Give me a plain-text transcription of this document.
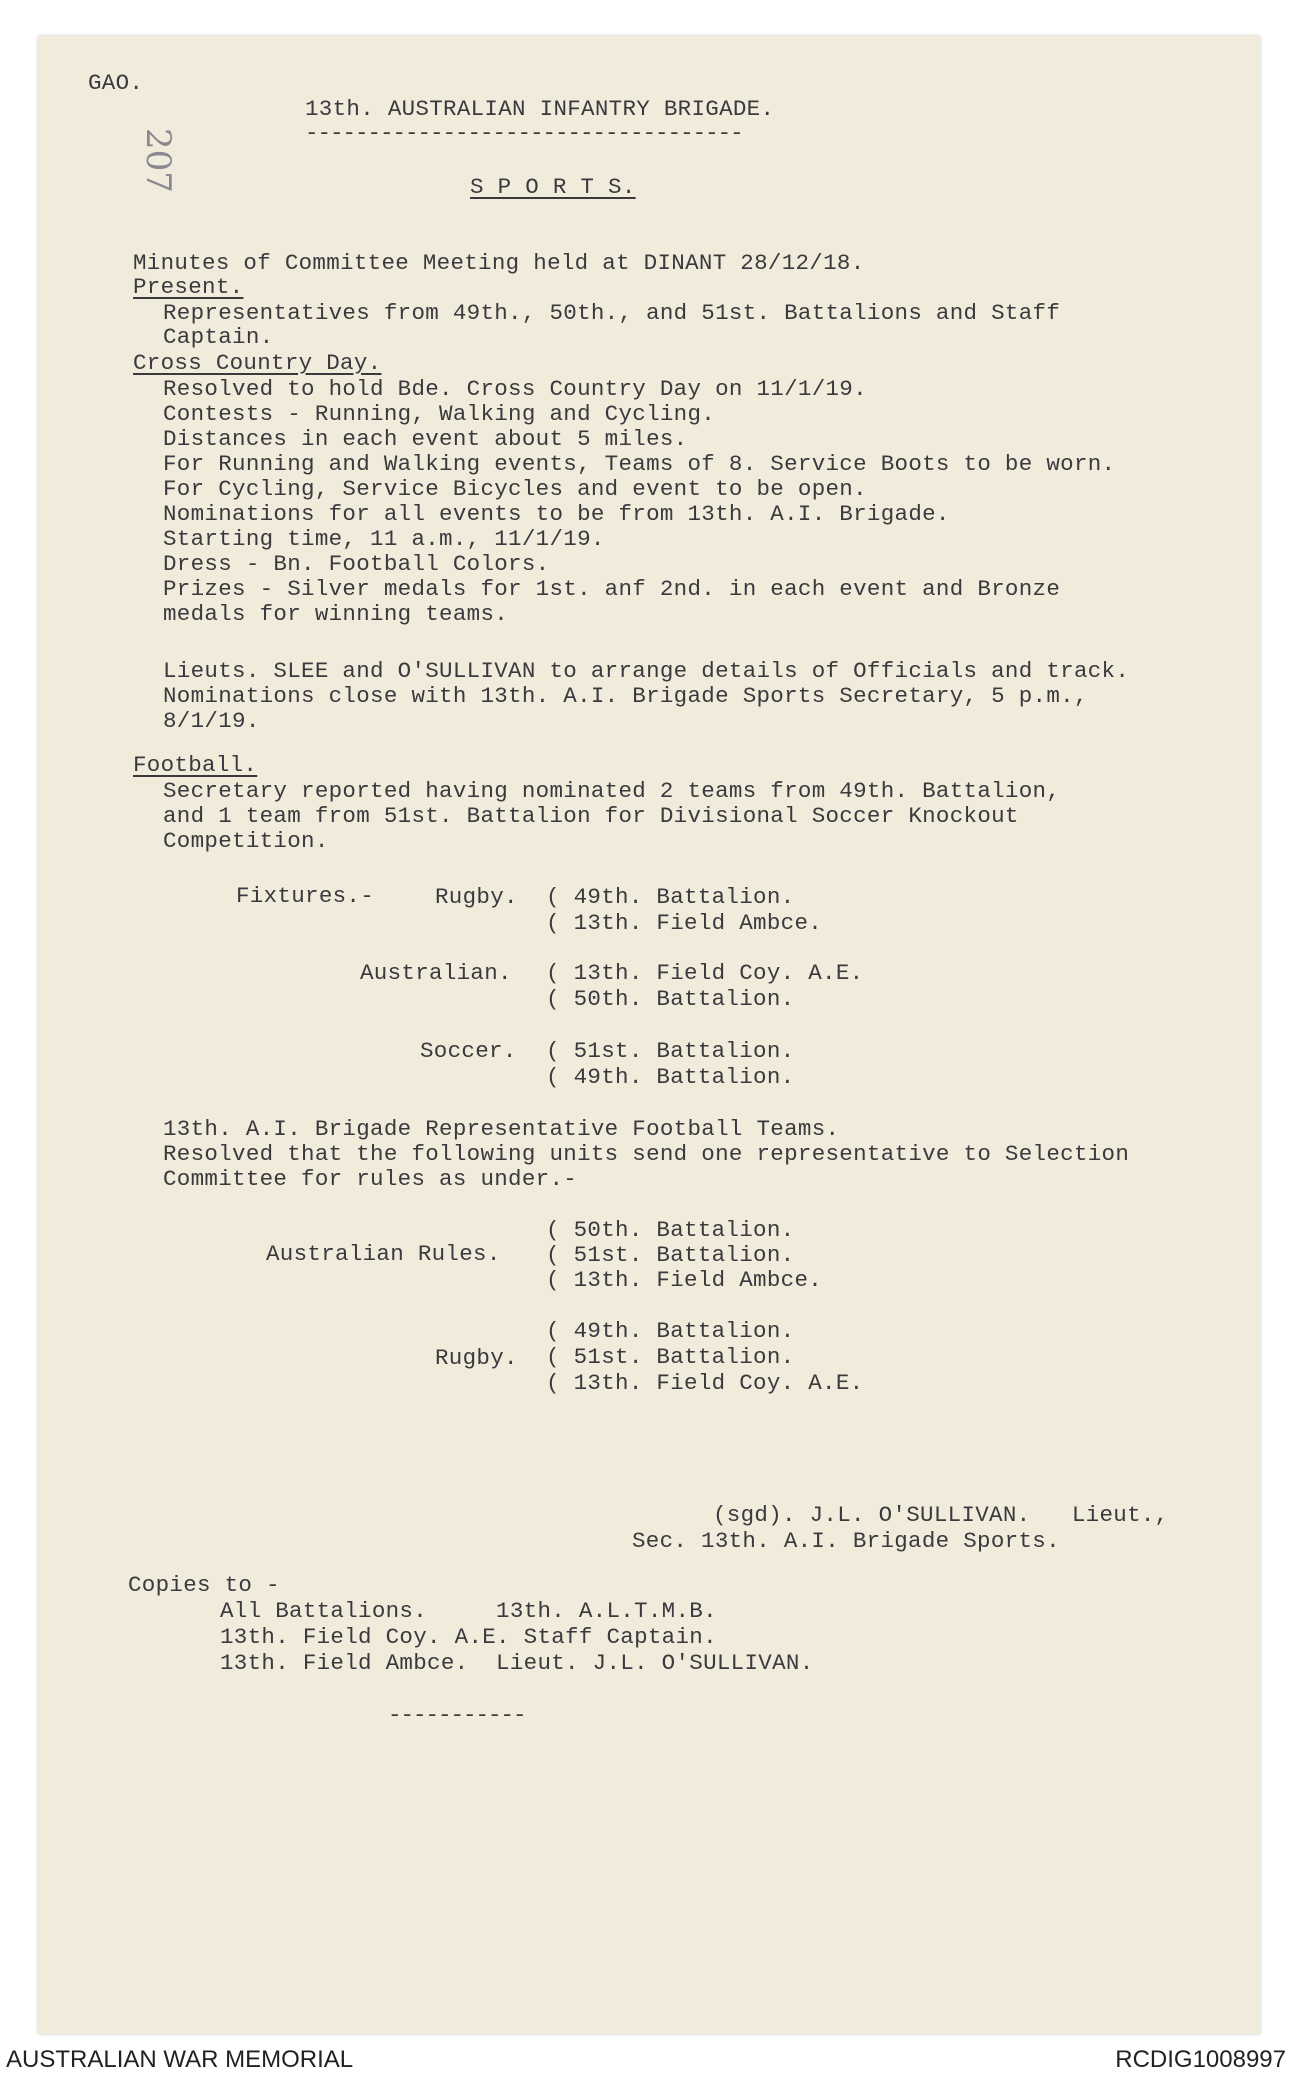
GAO.
207
13th. AUSTRALIAN INFANTRY BRIGADE.
-----------------------------------
S P O R T S.
Minutes of Committee Meeting held at DINANT 28/12/18.
Present.
Representatives from 49th., 50th., and 51st. Battalions and Staff
Captain.
Cross Country Day.
Resolved to hold Bde. Cross Country Day on 11/1/19.
Contests - Running, Walking and Cycling.
Distances in each event about 5 miles.
For Running and Walking events, Teams of 8. Service Boots to be worn.
For Cycling, Service Bicycles and event to be open.
Nominations for all events to be from 13th. A.I. Brigade.
Starting time, 11 a.m., 11/1/19.
Dress - Bn. Football Colors.
Prizes - Silver medals for 1st. anf 2nd. in each event and Bronze
medals for winning teams.
Lieuts. SLEE and O'SULLIVAN to arrange details of Officials and track.
Nominations close with 13th. A.I. Brigade Sports Secretary, 5 p.m.,
8/1/19.
Football.
Secretary reported having nominated 2 teams from 49th. Battalion,
and 1 team from 51st. Battalion for Divisional Soccer Knockout
Competition.
Fixtures.-	Rugby. ( 49th. Battalion.
( 13th. Field Ambce.
Australian. ( 13th. Field Coy. A.E.
( 50th. Battalion.
Soccer. ( 51st. Battalion.
( 49th. Battalion.
13th. A.I. Brigade Representative Football Teams.
Resolved that the following units send one representative to Selection
Committee for rules as under.-
Australian Rules.
( 50th. Battalion.
( 51st. Battalion.
( 13th. Field Ambce.
Rugby.
( 49th. Battalion.
( 51st. Battalion.
( 13th. Field Coy. A.E.
(sgd). J.L. O'SULLIVAN.   Lieut.,
Sec. 13th. A.I. Brigade Sports.
Copies to -
All Battalions.     13th. A.L.T.M.B.
13th. Field Coy. A.E. Staff Captain.
13th. Field Ambce.  Lieut. J.L. O'SULLIVAN.
-----------
AUSTRALIAN WAR MEMORIAL	RCDIG1008997
